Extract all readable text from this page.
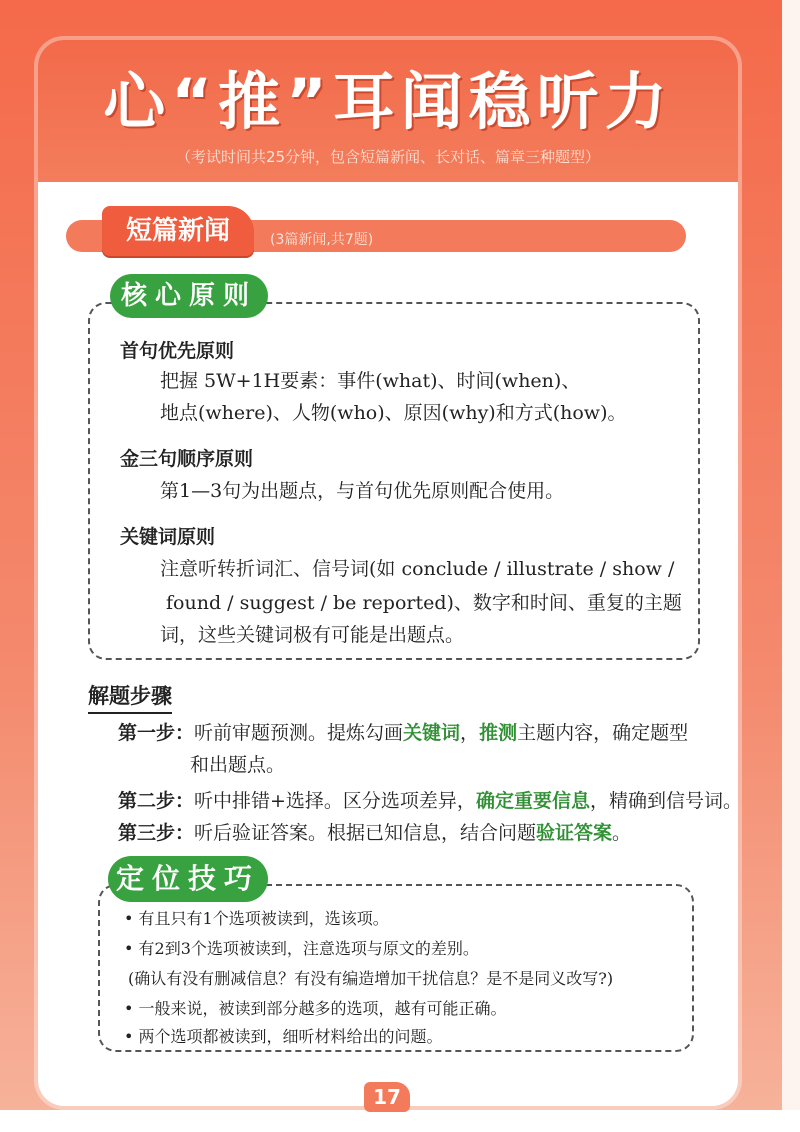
心“推”耳闻稳听力
（考试时间共25分钟，包含短篇新闻、长对话、篇章三种题型）
短篇新闻	(3篇新闻,共7题)
核心原则
首句优先原则
把握 5W+1H要素：事件(what)、时间(when)、
地点(where)、人物(who)、原因(why)和方式(how)。
金三句顺序原则
第1—3句为出题点，与首句优先原则配合使用。
关键词原则
注意听转折词汇、信号词(如 conclude / illustrate / show /
found / suggest / be reported)、数字和时间、重复的主题
词，这些关键词极有可能是出题点。
解题步骤
第一步：听前审题预测。提炼勾画关键词，推测主题内容，确定题型
和出题点。
第二步：听中排错+选择。区分选项差异，确定重要信息，精确到信号词。
第三步：听后验证答案。根据已知信息，结合问题验证答案。
定位技巧
• 有且只有1个选项被读到，选该项。
• 有2到3个选项被读到，注意选项与原文的差别。
(确认有没有删减信息？有没有编造增加干扰信息？是不是同义改写?)
• 一般来说，被读到部分越多的选项，越有可能正确。
• 两个选项都被读到，细听材料给出的问题。
17
